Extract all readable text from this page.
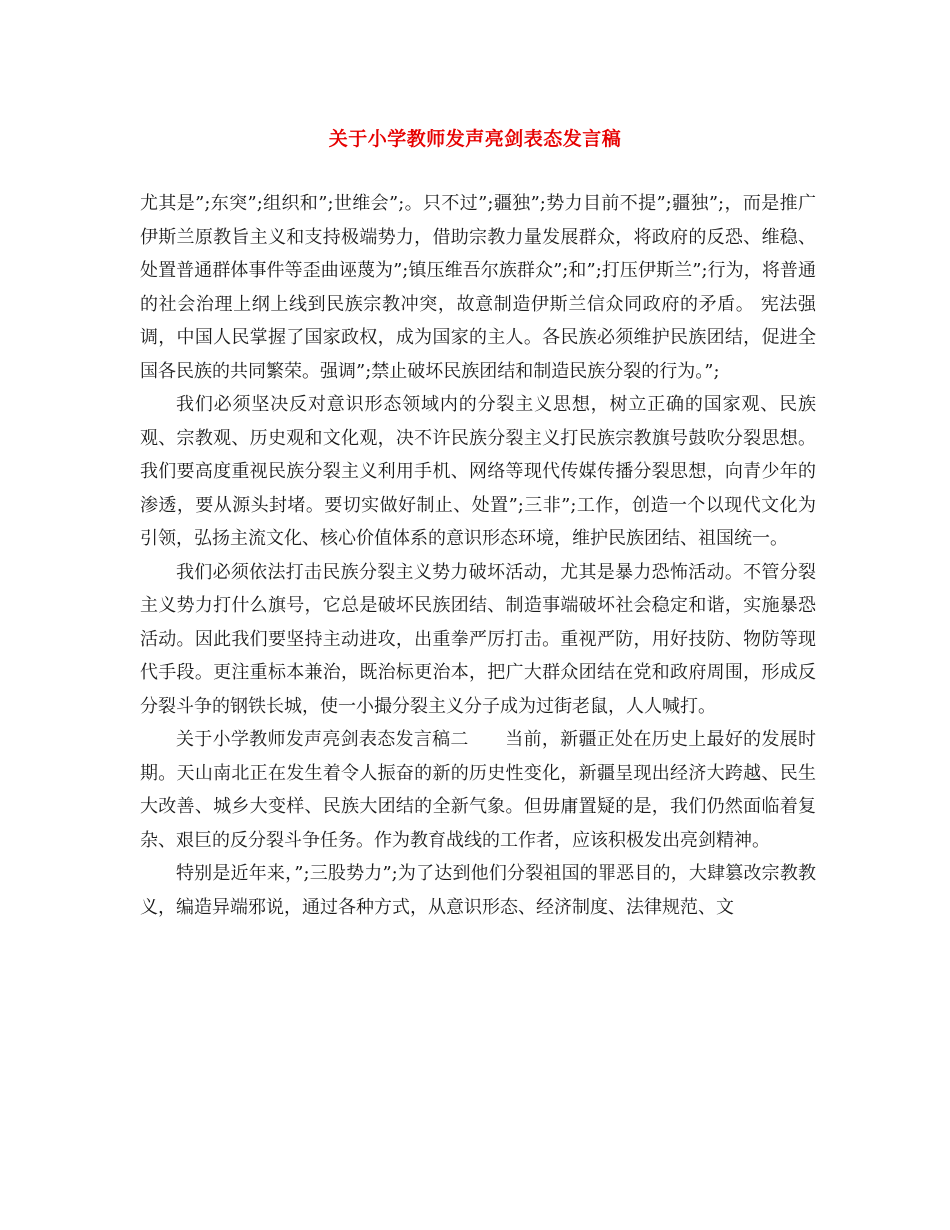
关于小学教师发声亮剑表态发言稿

尤其是”;东突”;组织和”;世维会”;。只不过”;疆独”;势力目前不提”;疆独”;，而是推广伊斯兰原教旨主义和支持极端势力，借助宗教力量发展群众，将政府的反恐、维稳、处置普通群体事件等歪曲诬蔑为”;镇压维吾尔族群众”;和”;打压伊斯兰”;行为，将普通的社会治理上纲上线到民族宗教冲突，故意制造伊斯兰信众同政府的矛盾。 宪法强调，中国人民掌握了国家政权，成为国家的主人。各民族必须维护民族团结，促进全国各民族的共同繁荣。强调”;禁止破坏民族团结和制造民族分裂的行为。”;

我们必须坚决反对意识形态领域内的分裂主义思想，树立正确的国家观、民族观、宗教观、历史观和文化观，决不许民族分裂主义打民族宗教旗号鼓吹分裂思想。我们要高度重视民族分裂主义利用手机、网络等现代传媒传播分裂思想，向青少年的渗透，要从源头封堵。要切实做好制止、处置”;三非”;工作，创造一个以现代文化为引领，弘扬主流文化、核心价值体系的意识形态环境，维护民族团结、祖国统一。

我们必须依法打击民族分裂主义势力破坏活动，尤其是暴力恐怖活动。不管分裂主义势力打什么旗号，它总是破坏民族团结、制造事端破坏社会稳定和谐，实施暴恐活动。因此我们要坚持主动进攻，出重拳严厉打击。重视严防，用好技防、物防等现代手段。更注重标本兼治，既治标更治本，把广大群众团结在党和政府周围，形成反分裂斗争的钢铁长城，使一小撮分裂主义分子成为过街老鼠，人人喊打。

关于小学教师发声亮剑表态发言稿二　　当前，新疆正处在历史上最好的发展时期。天山南北正在发生着令人振奋的新的历史性变化，新疆呈现出经济大跨越、民生大改善、城乡大变样、民族大团结的全新气象。但毋庸置疑的是，我们仍然面临着复杂、艰巨的反分裂斗争任务。作为教育战线的工作者，应该积极发出亮剑精神。

特别是近年来，”;三股势力”;为了达到他们分裂祖国的罪恶目的，大肆篡改宗教教义，编造异端邪说，通过各种方式，从意识形态、经济制度、法律规范、文
